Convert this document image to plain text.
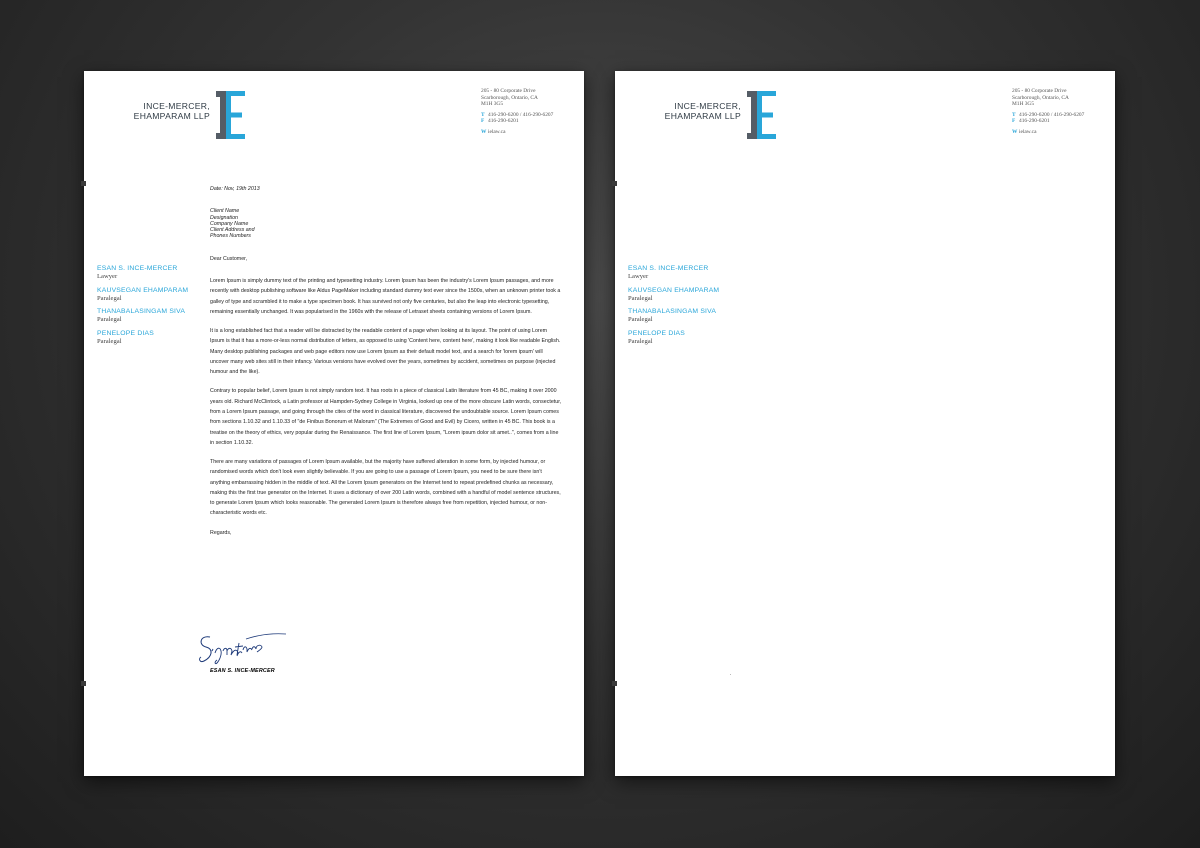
INCE-MERCER,
EHAMPARAM LLP
205 - 80 Corporate Drive
Scarborough, Ontario, CA
M1H 3G5
T 416-290-6200 / 416-290-6207
F 416-290-6201
W ielaw.ca
ESAN S. INCE-MERCER
Lawyer
KAUVSEGAN EHAMPARAM
Paralegal
THANABALASINGAM SIVA
Paralegal
PENELOPE DIAS
Paralegal
Date: Nov, 19th 2013
Client Name
Designation
Company Name
Client Address and
Phones Numbers
Dear Customer,

Lorem Ipsum is simply dummy text of the printing and typesetting industry. Lorem Ipsum has been the industry's Lorem Ipsum passages, and more recently with desktop publishing software like Aldus PageMaker including standard dummy text ever since the 1500s, when an unknown printer took a galley of type and scrambled it to make a type specimen book. It has survived not only five centuries, but also the leap into electronic typesetting, remaining essentially unchanged. It was popularised in the 1960s with the release of Letraset sheets containing versions of Lorem Ipsum.

It is a long established fact that a reader will be distracted by the readable content of a page when looking at its layout. The point of using Lorem Ipsum is that it has a more-or-less normal distribution of letters, as opposed to using 'Content here, content here', making it look like readable English. Many desktop publishing packages and web page editors now use Lorem Ipsum as their default model text, and a search for 'lorem ipsum' will uncover many web sites still in their infancy. Various versions have evolved over the years, sometimes by accident, sometimes on purpose (injected humour and the like).

Contrary to popular belief, Lorem Ipsum is not simply random text. It has roots in a piece of classical Latin literature from 45 BC, making it over 2000 years old. Richard McClintock, a Latin professor at Hampden-Sydney College in Virginia, looked up one of the more obscure Latin words, consectetur, from a Lorem Ipsum passage, and going through the cites of the word in classical literature, discovered the undoubtable source. Lorem Ipsum comes from sections 1.10.32 and 1.10.33 of "de Finibus Bonorum et Malorum" (The Extremes of Good and Evil) by Cicero, written in 45 BC. This book is a treatise on the theory of ethics, very popular during the Renaissance. The first line of Lorem Ipsum, "Lorem ipsum dolor sit amet..", comes from a line in section 1.10.32.

There are many variations of passages of Lorem Ipsum available, but the majority have suffered alteration in some form, by injected humour, or randomised words which don't look even slightly believable. If you are going to use a passage of Lorem Ipsum, you need to be sure there isn't anything embarrassing hidden in the middle of text. All the Lorem Ipsum generators on the Internet tend to repeat predefined chunks as necessary, making this the first true generator on the Internet. It uses a dictionary of over 200 Latin words, combined with a handful of model sentence structures, to generate Lorem Ipsum which looks reasonable. The generated Lorem Ipsum is therefore always free from repetition, injected humour, or non-characteristic words etc.

Regards,
ESAN S. INCE-MERCER
INCE-MERCER,
EHAMPARAM LLP
205 - 80 Corporate Drive
Scarborough, Ontario, CA
M1H 3G5
T 416-290-6200 / 416-290-6207
F 416-290-6201
W ielaw.ca
ESAN S. INCE-MERCER
Lawyer
KAUVSEGAN EHAMPARAM
Paralegal
THANABALASINGAM SIVA
Paralegal
PENELOPE DIAS
Paralegal
